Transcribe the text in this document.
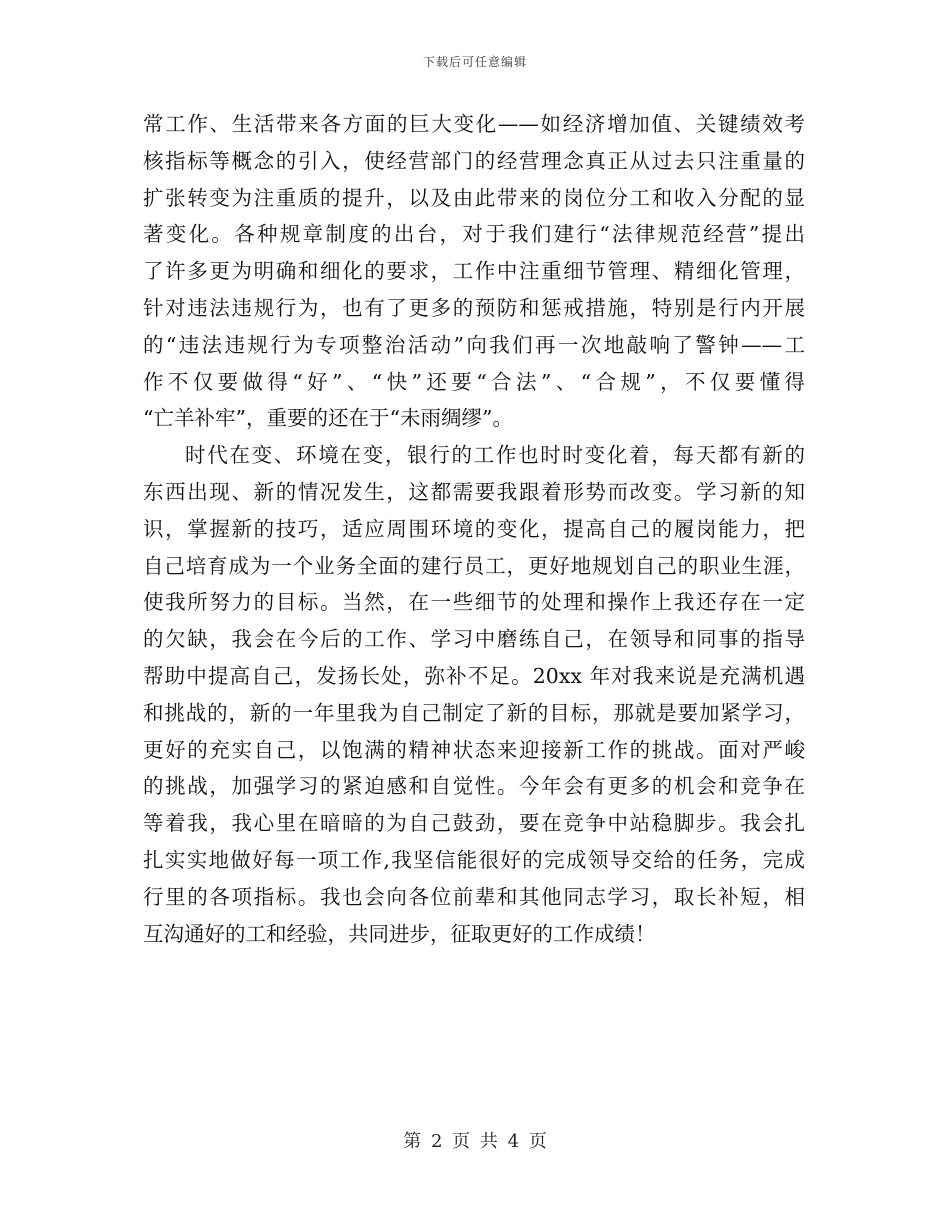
下载后可任意编辑
常工作、生活带来各方面的巨大变化——如经济增加值、关键绩效考
核指标等概念的引入，使经营部门的经营理念真正从过去只注重量的
扩张转变为注重质的提升，以及由此带来的岗位分工和收入分配的显
著变化。各种规章制度的出台，对于我们建行“法律规范经营”提出
了许多更为明确和细化的要求，工作中注重细节管理、精细化管理，
针对违法违规行为，也有了更多的预防和惩戒措施，特别是行内开展
的“违法违规行为专项整治活动”向我们再一次地敲响了警钟——工
作不仅要做得“好”、“快”还要“合法”、“合规”，不仅要懂得
“亡羊补牢”，重要的还在于“未雨绸缪”。
时代在变、环境在变，银行的工作也时时变化着，每天都有新的
东西出现、新的情况发生，这都需要我跟着形势而改变。学习新的知
识，掌握新的技巧，适应周围环境的变化，提高自己的履岗能力，把
自己培育成为一个业务全面的建行员工，更好地规划自己的职业生涯，
使我所努力的目标。当然，在一些细节的处理和操作上我还存在一定
的欠缺，我会在今后的工作、学习中磨练自己，在领导和同事的指导
帮助中提高自己，发扬长处，弥补不足。20xx 年对我来说是充满机遇
和挑战的，新的一年里我为自己制定了新的目标，那就是要加紧学习，
更好的充实自己，以饱满的精神状态来迎接新工作的挑战。面对严峻
的挑战，加强学习的紧迫感和自觉性。今年会有更多的机会和竞争在
等着我，我心里在暗暗的为自己鼓劲，要在竞争中站稳脚步。我会扎
扎实实地做好每一项工作,我坚信能很好的完成领导交给的任务，完成
行里的各项指标。我也会向各位前辈和其他同志学习，取长补短，相
互沟通好的工和经验，共同进步，征取更好的工作成绩！
第 2 页 共 4 页
